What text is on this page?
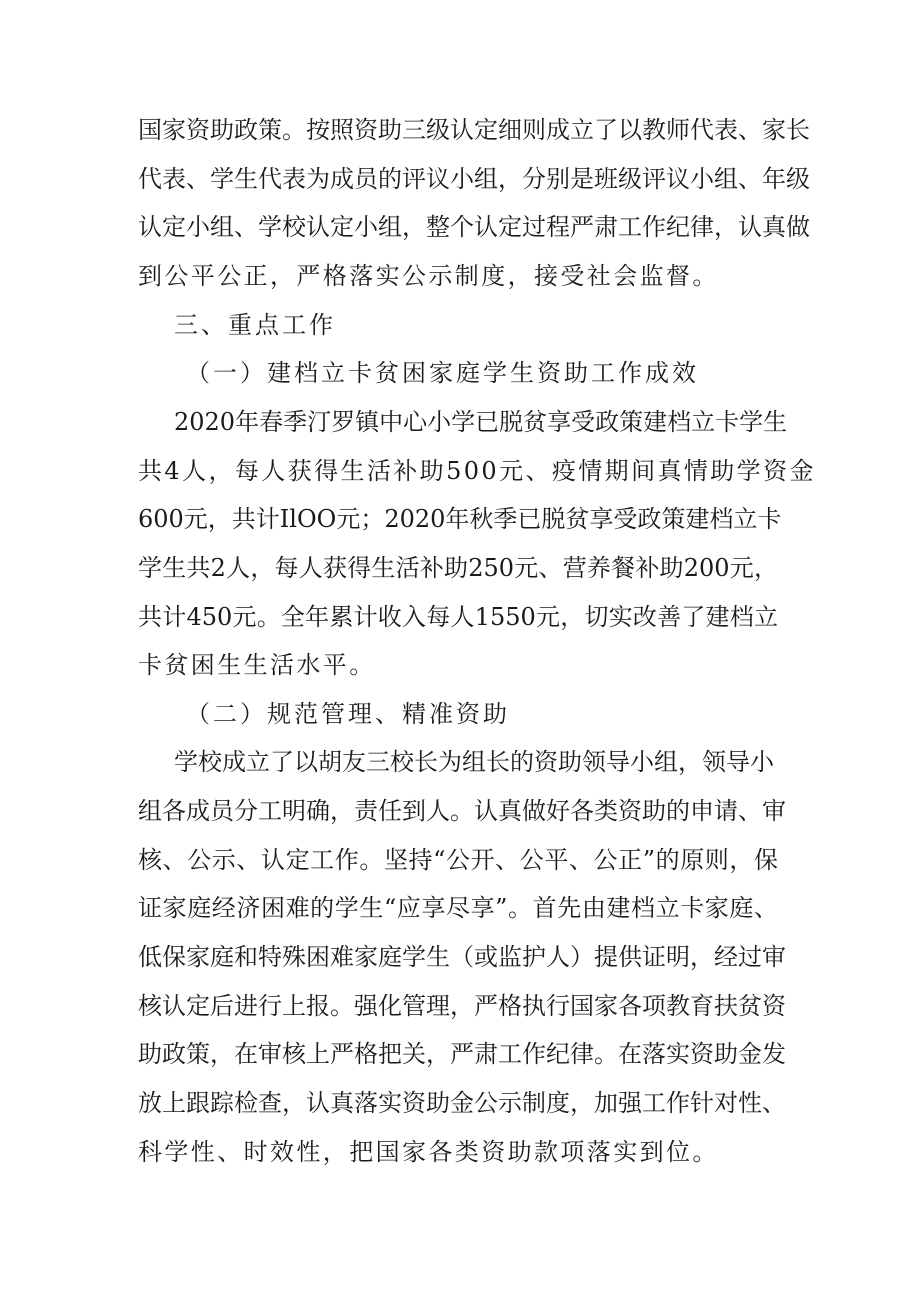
国家资助政策。按照资助三级认定细则成立了以教师代表、家长
代表、学生代表为成员的评议小组，分别是班级评议小组、年级
认定小组、学校认定小组，整个认定过程严肃工作纪律，认真做
到公平公正，严格落实公示制度，接受社会监督。
三、重点工作
（一）建档立卡贫困家庭学生资助工作成效
2020年春季汀罗镇中心小学已脱贫享受政策建档立卡学生
共4人，每人获得生活补助500元、疫情期间真情助学资金
600元，共计IlOO元；2020年秋季已脱贫享受政策建档立卡
学生共2人，每人获得生活补助250元、营养餐补助200元，
共计450元。全年累计收入每人1550元，切实改善了建档立
卡贫困生生活水平。
（二）规范管理、精准资助
学校成立了以胡友三校长为组长的资助领导小组，领导小
组各成员分工明确，责任到人。认真做好各类资助的申请、审
核、公示、认定工作。坚持“公开、公平、公正”的原则，保
证家庭经济困难的学生“应享尽享”。首先由建档立卡家庭、
低保家庭和特殊困难家庭学生（或监护人）提供证明，经过审
核认定后进行上报。强化管理，严格执行国家各项教育扶贫资
助政策，在审核上严格把关，严肃工作纪律。在落实资助金发
放上跟踪检查，认真落实资助金公示制度，加强工作针对性、
科学性、时效性，把国家各类资助款项落实到位。
